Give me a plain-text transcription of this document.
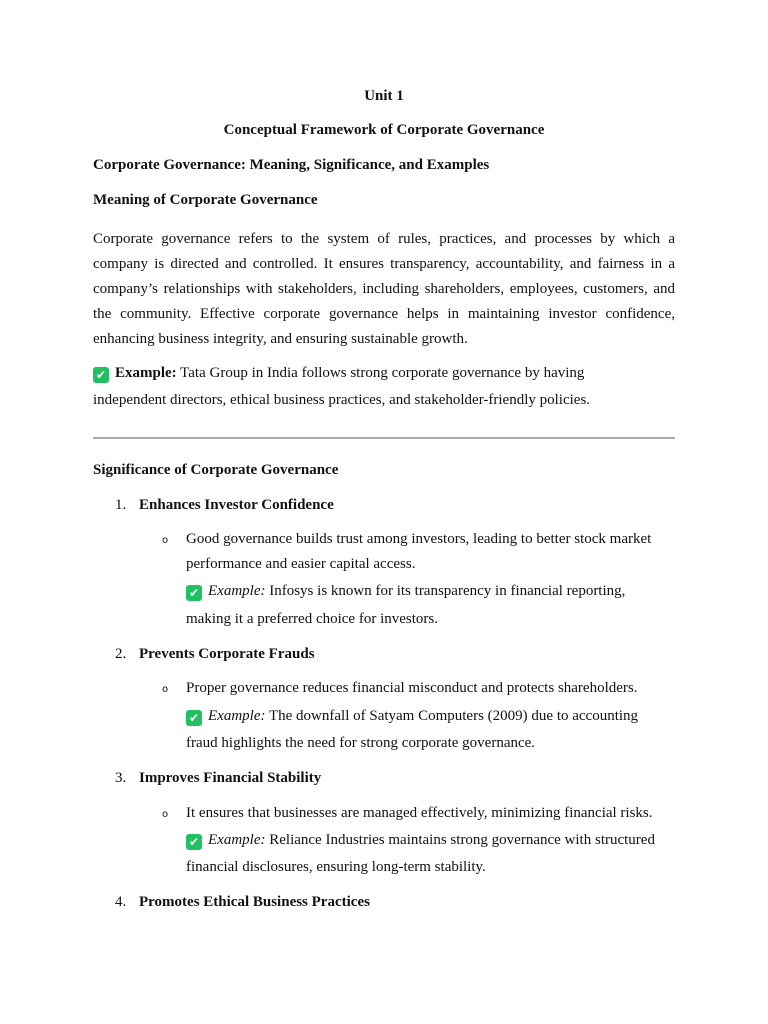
Unit 1
Conceptual Framework of Corporate Governance
Corporate Governance: Meaning, Significance, and Examples
Meaning of Corporate Governance
Corporate governance refers to the system of rules, practices, and processes by which a
company is directed and controlled. It ensures transparency, accountability, and fairness in a
company’s relationships with stakeholders, including shareholders, employees, customers, and
the community. Effective corporate governance helps in maintaining investor confidence,
enhancing business integrity, and ensuring sustainable growth.
✔ Example: Tata Group in India follows strong corporate governance by having
independent directors, ethical business practices, and stakeholder-friendly policies.
Significance of Corporate Governance
1. Enhances Investor Confidence
o Good governance builds trust among investors, leading to better stock market
performance and easier capital access.
✔ Example: Infosys is known for its transparency in financial reporting,
making it a preferred choice for investors.
2. Prevents Corporate Frauds
o Proper governance reduces financial misconduct and protects shareholders.
✔ Example: The downfall of Satyam Computers (2009) due to accounting
fraud highlights the need for strong corporate governance.
3. Improves Financial Stability
o It ensures that businesses are managed effectively, minimizing financial risks.
✔ Example: Reliance Industries maintains strong governance with structured
financial disclosures, ensuring long-term stability.
4. Promotes Ethical Business Practices
